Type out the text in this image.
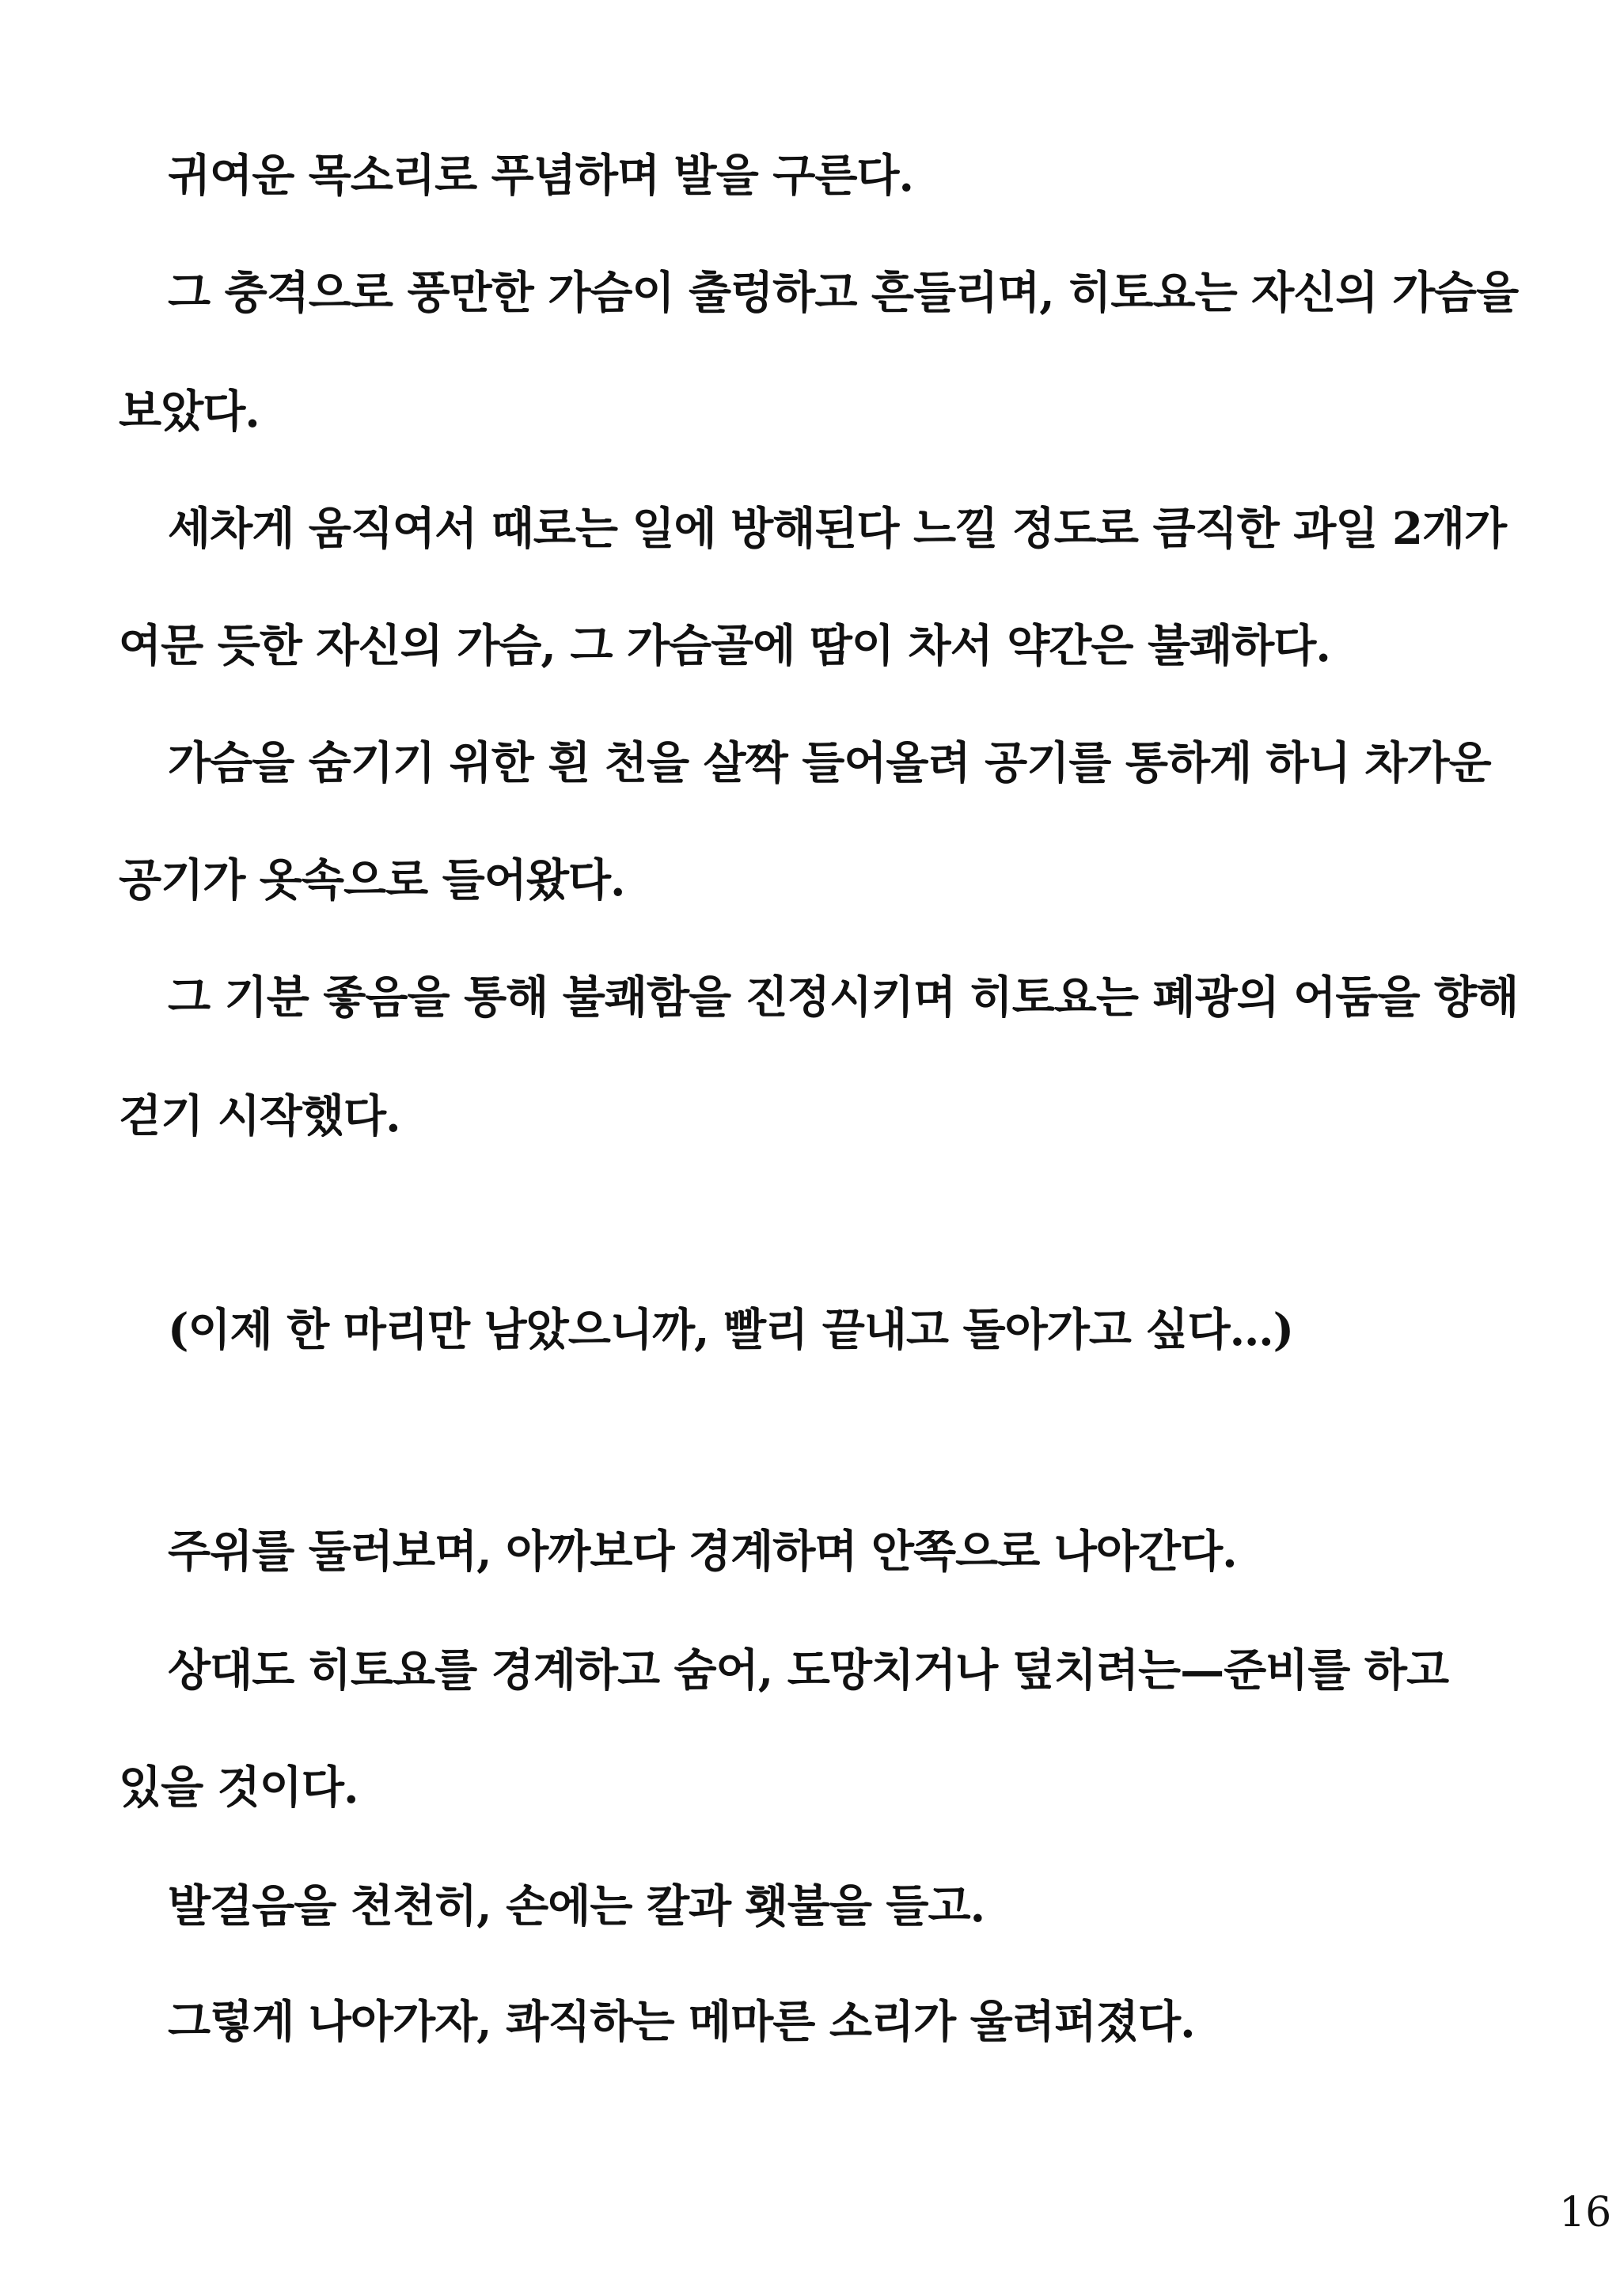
귀여운 목소리로 푸념하며 발을 구른다.
그 충격으로 풍만한 가슴이 출렁하고 흔들리며, 히토요는 자신의 가슴을
보았다.
세차게 움직여서 때로는 일에 방해된다 느낄 정도로 큼직한 과일 2개가
여문 듯한 자신의 가슴, 그 가슴골에 땀이 차서 약간은 불쾌하다.
가슴을 숨기기 위한 흰 천을 살짝 들어올려 공기를 통하게 하니 차가운
공기가 옷속으로 들어왔다.
그 기분 좋음을 통해 불쾌함을 진정시키며 히토요는 폐광의 어둠을 향해
걷기 시작했다.
(이제 한 마리만 남았으니까, 빨리 끝내고 돌아가고 싶다…)
주위를 둘러보며, 아까보다 경계하며 안쪽으로 나아간다.
상대도 히토요를 경계하고 숨어, 도망치거나 덮치려는—준비를 하고
있을 것이다.
발걸음을 천천히, 손에는 칼과 횃불을 들고.
그렇게 나아가자, 콰직하는 메마른 소리가 울려퍼졌다.
16
